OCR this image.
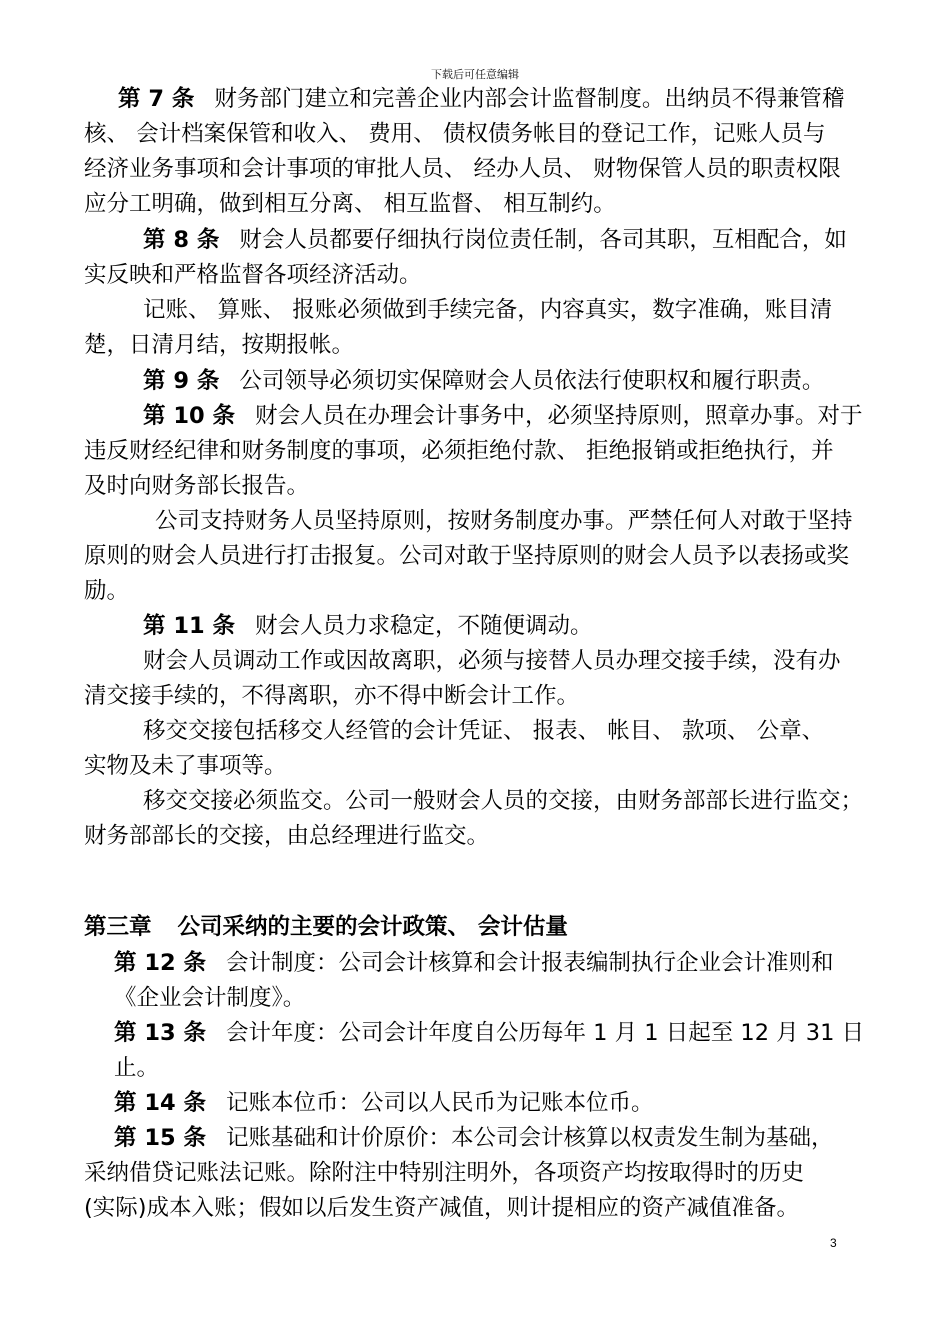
下载后可任意编辑
第 7 条 财务部门建立和完善企业内部会计监督制度。出纳员不得兼管稽
核、 会计档案保管和收入、 费用、 债权债务帐目的登记工作，记账人员与
经济业务事项和会计事项的审批人员、 经办人员、 财物保管人员的职责权限
应分工明确，做到相互分离、 相互监督、 相互制约。
第 8 条 财会人员都要仔细执行岗位责任制，各司其职，互相配合，如
实反映和严格监督各项经济活动。
记账、 算账、 报账必须做到手续完备，内容真实，数字准确，账目清
楚，日清月结，按期报帐。
第 9 条 公司领导必须切实保障财会人员依法行使职权和履行职责。
第 10 条 财会人员在办理会计事务中，必须坚持原则，照章办事。对于
违反财经纪律和财务制度的事项，必须拒绝付款、 拒绝报销或拒绝执行，并
及时向财务部长报告。
公司支持财务人员坚持原则，按财务制度办事。严禁任何人对敢于坚持
原则的财会人员进行打击报复。公司对敢于坚持原则的财会人员予以表扬或奖
励。
第 11 条 财会人员力求稳定，不随便调动。
财会人员调动工作或因故离职，必须与接替人员办理交接手续，没有办
清交接手续的，不得离职，亦不得中断会计工作。
移交交接包括移交人经管的会计凭证、 报表、 帐目、 款项、 公章、
实物及未了事项等。
移交交接必须监交。公司一般财会人员的交接，由财务部部长进行监交；
财务部部长的交接，由总经理进行监交。
第三章 公司采纳的主要的会计政策、 会计估量
第 12 条 会计制度：公司会计核算和会计报表编制执行企业会计准则和
《企业会计制度》。
第 13 条 会计年度：公司会计年度自公历每年 1 月 1 日起至 12 月 31 日
止。
第 14 条 记账本位币：公司以人民币为记账本位币。
第 15 条 记账基础和计价原价：本公司会计核算以权责发生制为基础，
采纳借贷记账法记账。除附注中特别注明外，各项资产均按取得时的历史
(实际)成本入账；假如以后发生资产减值，则计提相应的资产减值准备。
3
